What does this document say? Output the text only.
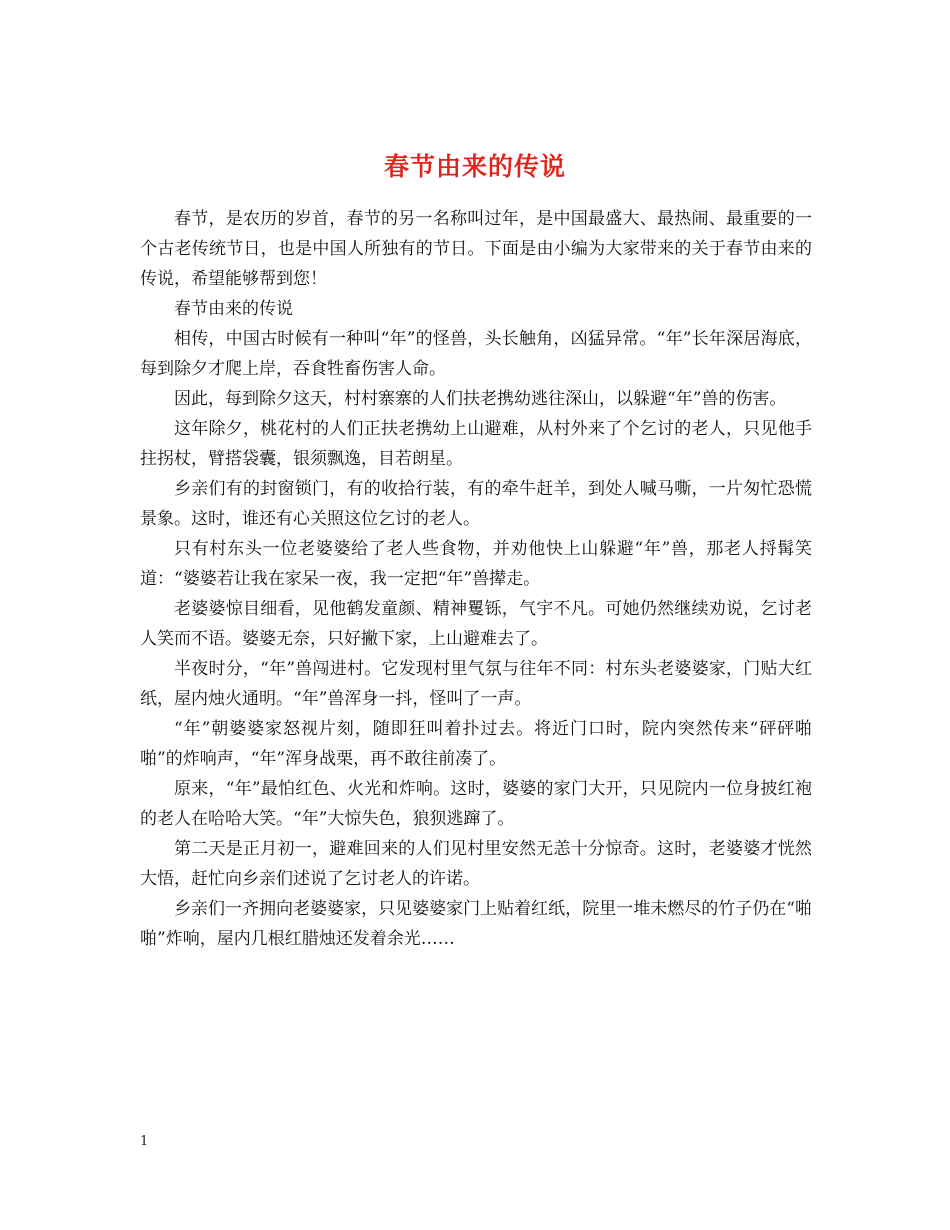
春节由来的传说

春节，是农历的岁首，春节的另一名称叫过年，是中国最盛大、最热闹、最重要的一个古老传统节日，也是中国人所独有的节日。下面是由小编为大家带来的关于春节由来的传说，希望能够帮到您！

春节由来的传说

相传，中国古时候有一种叫“年”的怪兽，头长触角，凶猛异常。“年”长年深居海底，每到除夕才爬上岸，吞食牲畜伤害人命。

因此，每到除夕这天，村村寨寨的人们扶老携幼逃往深山，以躲避“年”兽的伤害。

这年除夕，桃花村的人们正扶老携幼上山避难，从村外来了个乞讨的老人，只见他手拄拐杖，臂搭袋囊，银须飘逸，目若朗星。

乡亲们有的封窗锁门，有的收拾行装，有的牵牛赶羊，到处人喊马嘶，一片匆忙恐慌景象。这时，谁还有心关照这位乞讨的老人。

只有村东头一位老婆婆给了老人些食物，并劝他快上山躲避“年”兽，那老人捋髯笑道：“婆婆若让我在家呆一夜，我一定把“年”兽撵走。

老婆婆惊目细看，见他鹤发童颜、精神矍铄，气宇不凡。可她仍然继续劝说，乞讨老人笑而不语。婆婆无奈，只好撇下家，上山避难去了。

半夜时分，“年”兽闯进村。它发现村里气氛与往年不同：村东头老婆婆家，门贴大红纸，屋内烛火通明。“年”兽浑身一抖，怪叫了一声。

“年”朝婆婆家怒视片刻，随即狂叫着扑过去。将近门口时，院内突然传来“砰砰啪啪”的炸响声，“年”浑身战栗，再不敢往前凑了。

原来，“年”最怕红色、火光和炸响。这时，婆婆的家门大开，只见院内一位身披红袍的老人在哈哈大笑。“年”大惊失色，狼狈逃蹿了。

第二天是正月初一，避难回来的人们见村里安然无恙十分惊奇。这时，老婆婆才恍然大悟，赶忙向乡亲们述说了乞讨老人的许诺。

乡亲们一齐拥向老婆婆家，只见婆婆家门上贴着红纸，院里一堆未燃尽的竹子仍在“啪啪”炸响，屋内几根红腊烛还发着余光……

1
